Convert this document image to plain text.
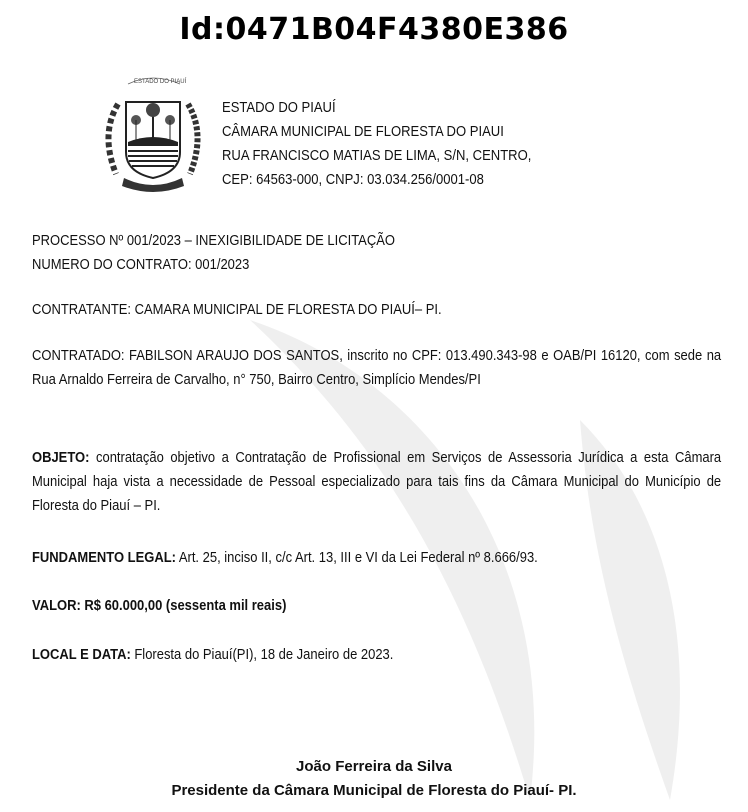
Id:0471B04F4380E386
ESTADO DO PIAUÍ
ESTADO DO PIAUÍ
CÂMARA MUNICIPAL DE FLORESTA DO PIAUI
RUA FRANCISCO MATIAS DE LIMA, S/N, CENTRO,
CEP: 64563-000, CNPJ: 03.034.256/0001-08
PROCESSO Nº 001/2023 – INEXIGIBILIDADE DE LICITAÇÃO
NUMERO DO CONTRATO: 001/2023
CONTRATANTE: CAMARA MUNICIPAL DE FLORESTA DO PIAUÍ– PI.
CONTRATADO: FABILSON ARAUJO DOS SANTOS, inscrito no CPF: 013.490.343-98 e OAB/PI 16120, com sede na Rua Arnaldo Ferreira de Carvalho, n° 750, Bairro Centro, Simplício Mendes/PI
OBJETO: contratação objetivo a Contratação de Profissional em Serviços de Assessoria Jurídica a esta Câmara Municipal haja vista a necessidade de Pessoal especializado para tais fins da Câmara Municipal do Município de Floresta do Piauí – PI.
FUNDAMENTO LEGAL: Art. 25, inciso II, c/c Art. 13, III e VI da Lei Federal nº 8.666/93.
VALOR: R$ 60.000,00 (sessenta mil reais)
LOCAL E DATA: Floresta do Piauí(PI), 18 de Janeiro de 2023.
João Ferreira da Silva
Presidente da Câmara Municipal de Floresta do Piauí- PI.
